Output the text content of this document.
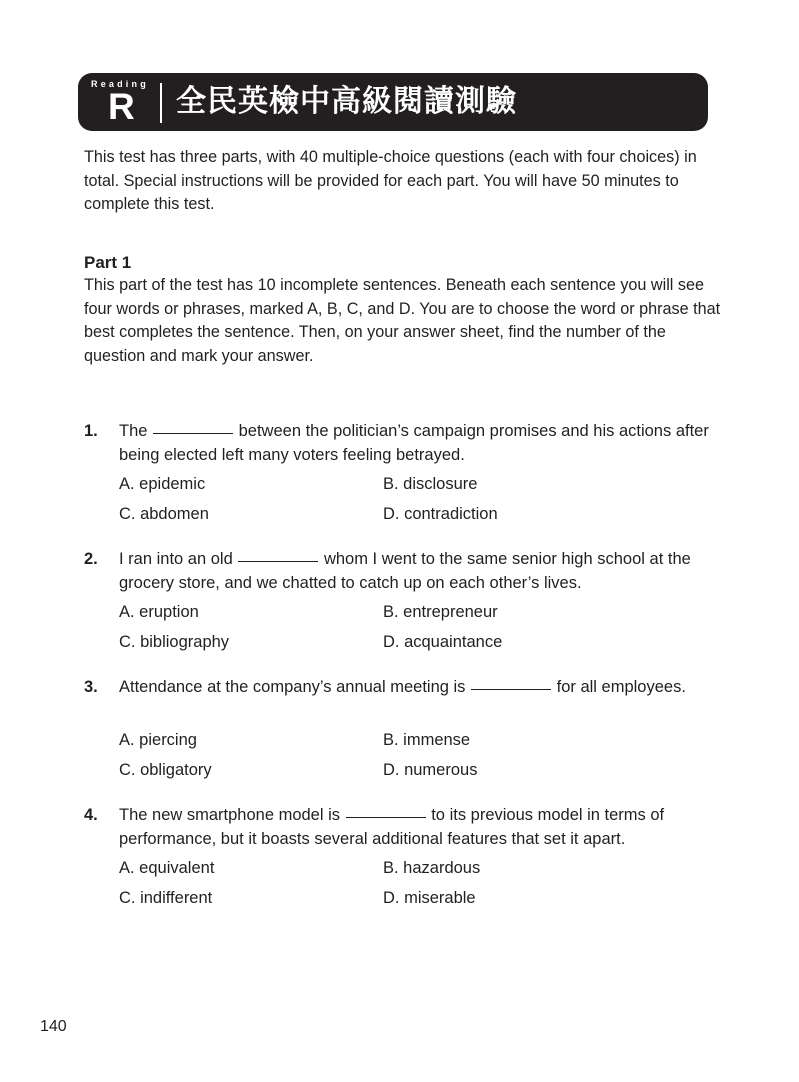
Reading
R 全民英檢中高級閱讀測驗

This test has three parts, with 40 multiple-choice questions (each with four choices) in total. Special instructions will be provided for each part. You will have 50 minutes to complete this test.

Part 1

This part of the test has 10 incomplete sentences. Beneath each sentence you will see four words or phrases, marked A, B, C, and D. You are to choose the word or phrase that best completes the sentence. Then, on your answer sheet, find the number of the question and mark your answer.

1. The	between the politician’s campaign promises and his actions after being elected left many voters feeling betrayed.
A. epidemic	B. disclosure
C. abdomen	D. contradiction
2. I ran into an old	whom I went to the same senior high school at the grocery store, and we chatted to catch up on each other’s lives.
A. eruption	B. entrepreneur
C. bibliography	D. acquaintance
3. Attendance at the company’s annual meeting is	for all employees.
A. piercing	B. immense
C. obligatory	D. numerous
4. The new smartphone model is	to its previous model in terms of performance, but it boasts several additional features that set it apart.
A. equivalent	B. hazardous
C. indifferent	D. miserable
140
